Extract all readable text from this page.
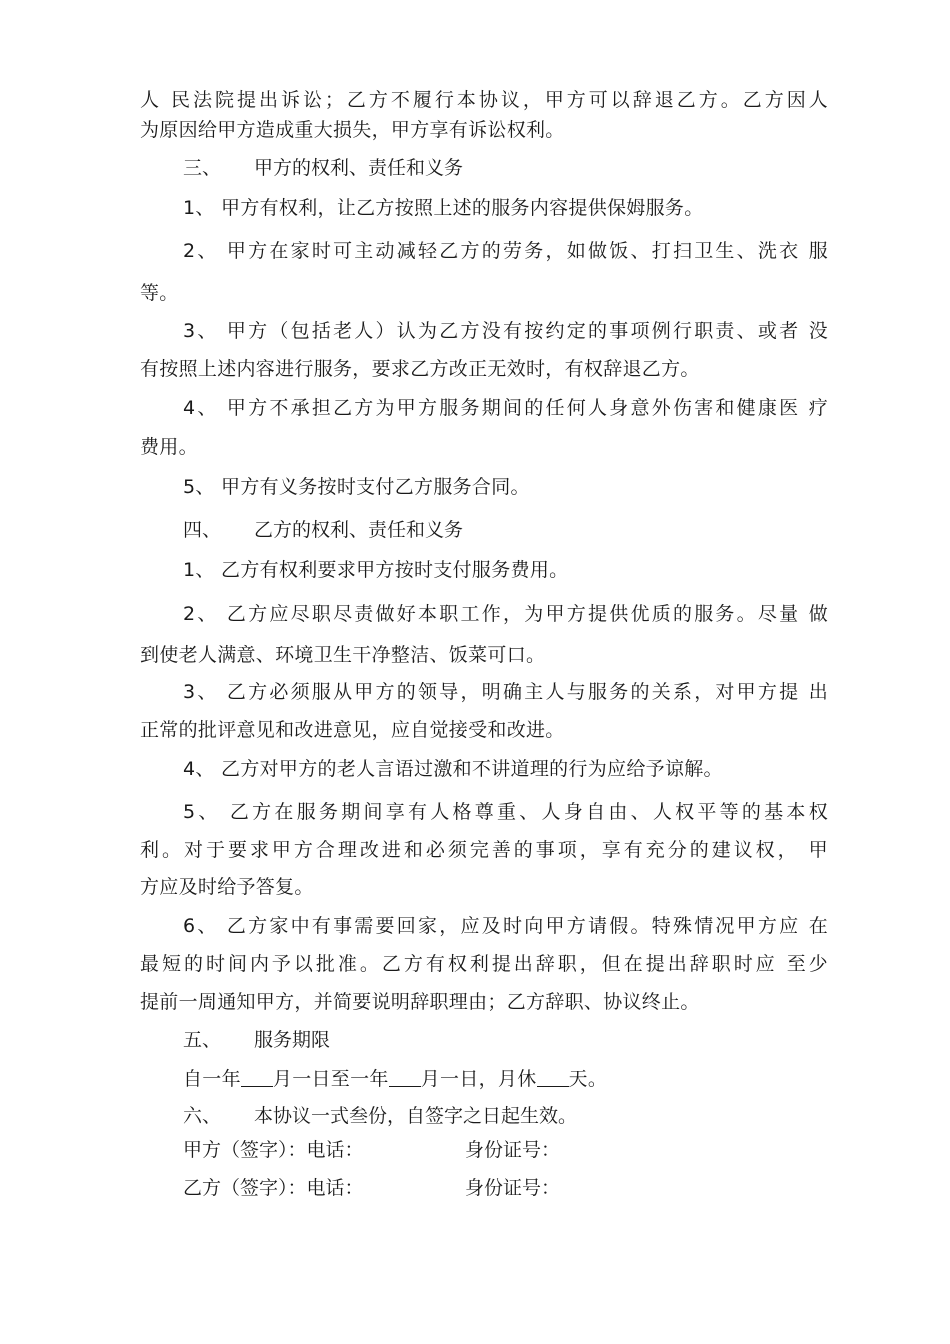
人 民法院提出诉讼；乙方不履行本协议，甲方可以辞退乙方。乙方因人
为原因给甲方造成重大损失，甲方享有诉讼权利。
三、 甲方的权利、责任和义务
1、 甲方有权利，让乙方按照上述的服务内容提供保姆服务。
2、 甲方在家时可主动减轻乙方的劳务，如做饭、打扫卫生、洗衣 服
等。
3、 甲方（包括老人）认为乙方没有按约定的事项例行职责、或者 没
有按照上述内容进行服务，要求乙方改正无效时，有权辞退乙方。
4、 甲方不承担乙方为甲方服务期间的任何人身意外伤害和健康医 疗
费用。
5、 甲方有义务按时支付乙方服务合同。
四、 乙方的权利、责任和义务
1、 乙方有权利要求甲方按时支付服务费用。
2、 乙方应尽职尽责做好本职工作，为甲方提供优质的服务。尽量 做
到使老人满意、环境卫生干净整洁、饭菜可口。
3、 乙方必须服从甲方的领导，明确主人与服务的关系，对甲方提 出
正常的批评意见和改进意见，应自觉接受和改进。
4、 乙方对甲方的老人言语过激和不讲道理的行为应给予谅解。
5、 乙方在服务期间享有人格尊重、人身自由、人权平等的基本权
利。对于要求甲方合理改进和必须完善的事项，享有充分的建议权， 甲
方应及时给予答复。
6、 乙方家中有事需要回家，应及时向甲方请假。特殊情况甲方应 在
最短的时间内予以批准。乙方有权利提出辞职，但在提出辞职时应 至少
提前一周通知甲方，并简要说明辞职理由；乙方辞职、协议终止。
五、 服务期限
自一年 月一日至一年 月一日，月休 天。
六、 本协议一式叁份，自签字之日起生效。
甲方（签字）：电话：	身份证号：
乙方（签字）：电话：	身份证号：
